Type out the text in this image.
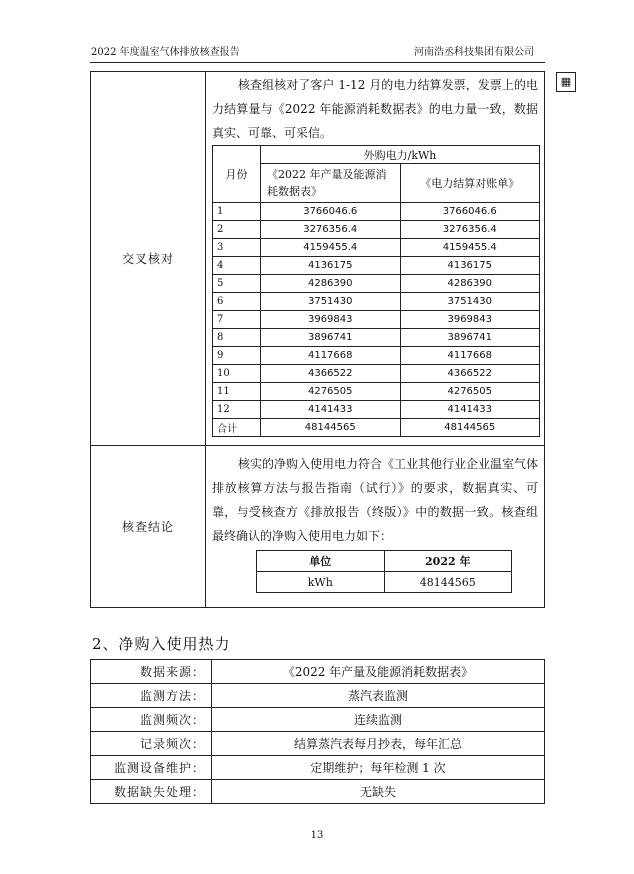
2022 年度温室气体排放核查报告	河南浩丞科技集团有限公司
▦
交叉核对	
核查组核对了客户 1-12 月的电力结算发票，发票上的电力结算量与《2022 年能源消耗数据表》的电力量一致，数据真实、可靠、可采信。
月份	外购电力/kWh
《2022 年产量及能源消耗数据表》	《电力结算对账单》
1	3766046.6	3766046.6
2	3276356.4	3276356.4
3	4159455.4	4159455.4
4	4136175	4136175
5	4286390	4286390
6	3751430	3751430
7	3969843	3969843
8	3896741	3896741
9	4117668	4117668
10	4366522	4366522
11	4276505	4276505
12	4141433	4141433
合计	48144565	48144565

核查结论	
核实的净购入使用电力符合《工业其他行业企业温室气体排放核算方法与报告指南（试行）》的要求，数据真实、可靠，与受核查方《排放报告（终版）》中的数据一致。核查组最终确认的净购入使用电力如下：
单位	2022 年
kWh	48144565
2、净购入使用热力
数据来源：	《2022 年产量及能源消耗数据表》
监测方法：	蒸汽表监测
监测频次：	连续监测
记录频次：	结算蒸汽表每月抄表，每年汇总
监测设备维护：	定期维护；每年检测 1 次
数据缺失处理：	无缺失
13
